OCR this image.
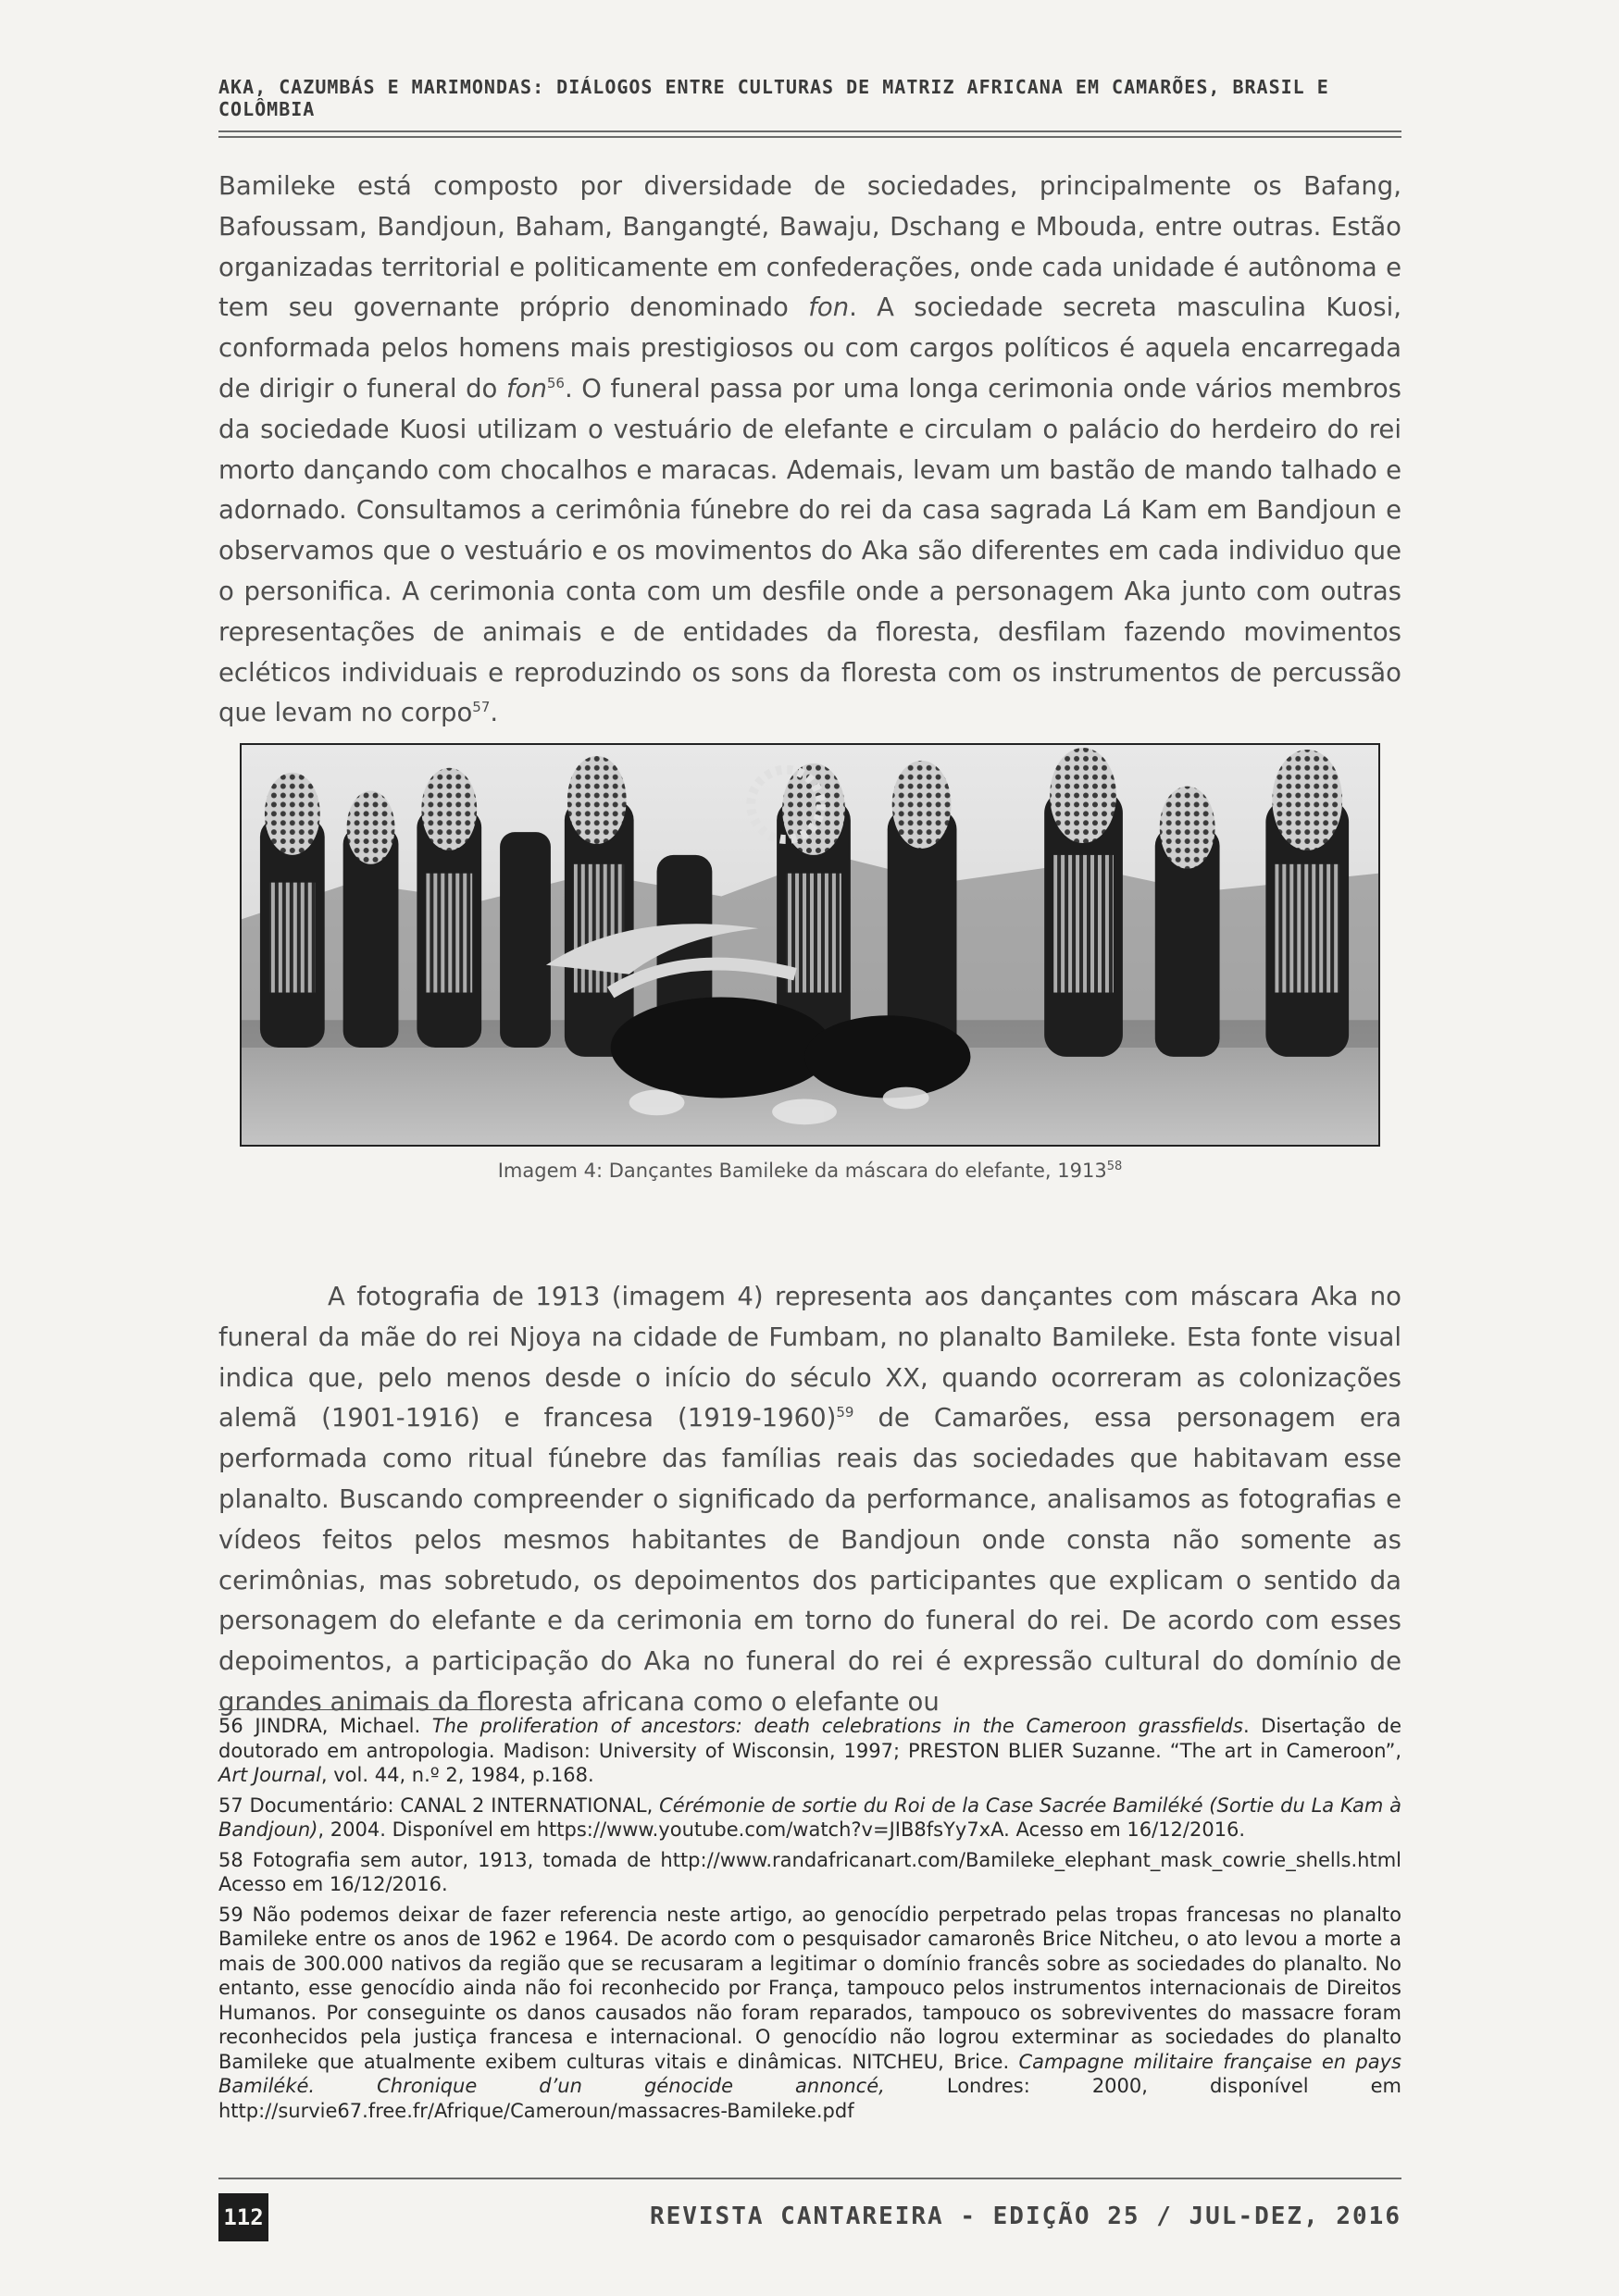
AKA, CAZUMBÁS E MARIMONDAS: DIÁLOGOS ENTRE CULTURAS DE MATRIZ AFRICANA EM CAMARÕES, BRASIL E COLÔMBIA

Bamileke está composto por diversidade de sociedades, principalmente os Bafang, Bafoussam, Bandjoun, Baham, Bangangté, Bawaju, Dschang e Mbouda, entre outras. Estão organizadas territorial e politicamente em confederações, onde cada unidade é autônoma e tem seu governante próprio denominado fon. A sociedade secreta masculina Kuosi, conformada pelos homens mais prestigiosos ou com cargos políticos é aquela encarregada de dirigir o funeral do fon$^{56}$. O funeral passa por uma longa cerimonia onde vários membros da sociedade Kuosi utilizam o vestuário de elefante e circulam o palácio do herdeiro do rei morto dançando com chocalhos e maracas. Ademais, levam um bastão de mando talhado e adornado. Consultamos a cerimônia fúnebre do rei da casa sagrada Lá Kam em Bandjoun e observamos que o vestuário e os movimentos do Aka são diferentes em cada individuo que o personifica. A cerimonia conta com um desfile onde a personagem Aka junto com outras representações de animais e de entidades da floresta, desfilam fazendo movimentos ecléticos individuais e reproduzindo os sons da floresta com os instrumentos de percussão que levam no corpo$^{57}$.

Imagem 4: Dançantes Bamileke da máscara do elefante, 1913$^{58}$

A fotografia de 1913 (imagem 4) representa aos dançantes com máscara Aka no funeral da mãe do rei Njoya na cidade de Fumbam, no planalto Bamileke. Esta fonte visual indica que, pelo menos desde o início do século XX, quando ocorreram as colonizações alemã (1901-1916) e francesa (1919-1960)$^{59}$ de Camarões, essa personagem era performada como ritual fúnebre das famílias reais das sociedades que habitavam esse planalto. Buscando compreender o significado da performance, analisamos as fotografias e vídeos feitos pelos mesmos habitantes de Bandjoun onde consta não somente as cerimônias, mas sobretudo, os depoimentos dos participantes que explicam o sentido da personagem do elefante e da cerimonia em torno do funeral do rei. De acordo com esses depoimentos, a participação do Aka no funeral do rei é expressão cultural do domínio de grandes animais da floresta africana como o elefante ou

56 JINDRA, Michael. The proliferation of ancestors: death celebrations in the Cameroon grassfields. Disertação de doutorado em antropologia. Madison: University of Wisconsin, 1997; PRESTON BLIER Suzanne. “The art in Cameroon”, Art Journal, vol. 44, n.º 2, 1984, p.168.

57 Documentário: CANAL 2 INTERNATIONAL, Cérémonie de sortie du Roi de la Case Sacrée Bamiléké (Sortie du La Kam à Bandjoun), 2004. Disponível em https://www.youtube.com/watch?v=JIB8fsYy7xA. Acesso em 16/12/2016.

58 Fotografia sem autor, 1913, tomada de http://www.randafricanart.com/Bamileke_elephant_mask_cowrie_shells.html Acesso em 16/12/2016.

59 Não podemos deixar de fazer referencia neste artigo, ao genocídio perpetrado pelas tropas francesas no planalto Bamileke entre os anos de 1962 e 1964. De acordo com o pesquisador camaronês Brice Nitcheu, o ato levou a morte a mais de 300.000 nativos da região que se recusaram a legitimar o domínio francês sobre as sociedades do planalto. No entanto, esse genocídio ainda não foi reconhecido por França, tampouco pelos instrumentos internacionais de Direitos Humanos. Por conseguinte os danos causados não foram reparados, tampouco os sobreviventes do massacre foram reconhecidos pela justiça francesa e internacional. O genocídio não logrou exterminar as sociedades do planalto Bamileke que atualmente exibem culturas vitais e dinâmicas. NITCHEU, Brice. Campagne militaire française en pays Bamiléké. Chronique d’un génocide annoncé, Londres: 2000, disponível em http://survie67.free.fr/Afrique/Cameroun/massacres-Bamileke.pdf

112	REVISTA CANTAREIRA - EDIÇÃO 25 / JUL-DEZ, 2016
